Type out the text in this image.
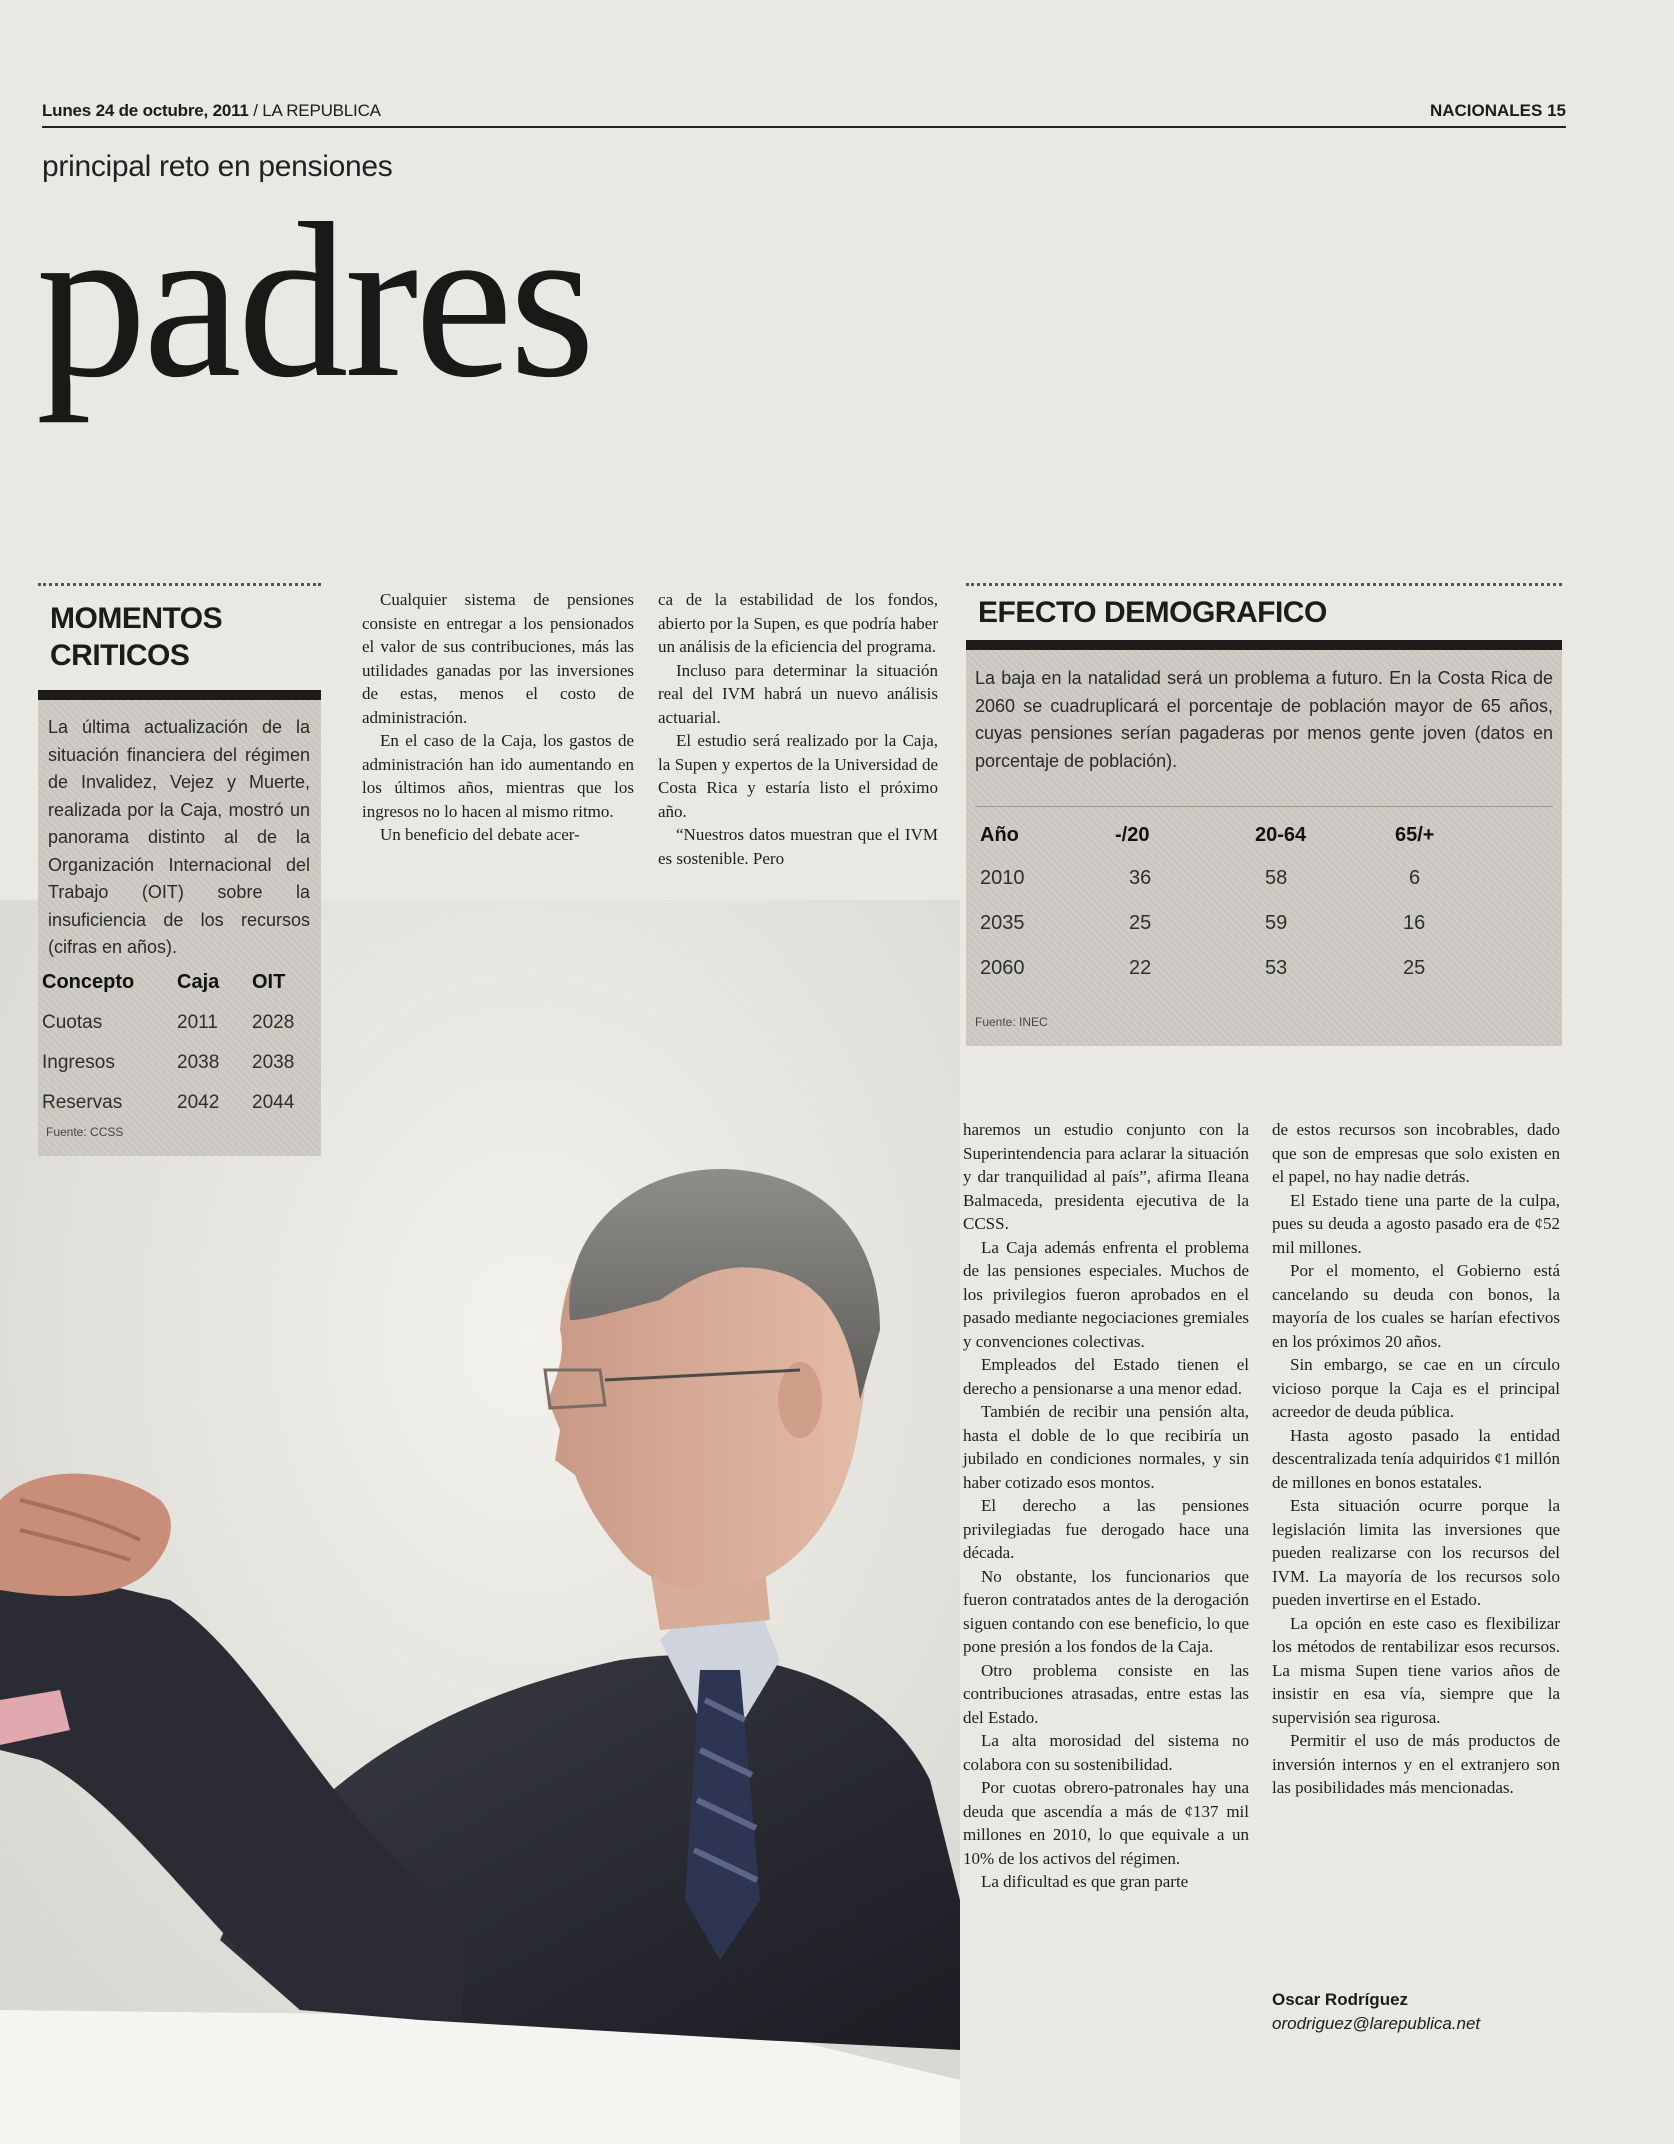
Lunes 24 de octubre, 2011 / LA REPUBLICA	NACIONALES 15
principal reto en pensiones
padres
MOMENTOS
CRITICOS
La última actualización de la situación financiera del régimen de Invalidez, Vejez y Muerte, realizada por la Caja, mostró un panorama distinto al de la Organización Internacional del Trabajo (OIT) sobre la insuficiencia de los recursos (cifras en años).
Concepto	Caja	OIT
Cuotas	2011	2028
Ingresos	2038	2038
Reservas	2042	2044
Fuente: CCSS
EFECTO DEMOGRAFICO
La baja en la natalidad será un problema a futuro. En la Costa Rica de 2060 se cuadruplicará el porcentaje de población mayor de 65 años, cuyas pensiones serían pagaderas por menos gente joven (datos en porcentaje de población).
Año	-/20	20-64	65/+
2010	36	58	6
2035	25	59	16
2060	22	53	25
Fuente: INEC

Cualquier sistema de pensiones consiste en entregar a los pensionados el valor de sus contribuciones, más las utilidades ganadas por las inversiones de estas, menos el costo de administración.

En el caso de la Caja, los gastos de administración han ido aumentando en los últimos años, mientras que los ingresos no lo hacen al mismo ritmo.

Un beneficio del debate acer-

ca de la estabilidad de los fondos, abierto por la Supen, es que podría haber un análisis de la eficiencia del programa.

Incluso para determinar la situación real del IVM habrá un nuevo análisis actuarial.

El estudio será realizado por la Caja, la Supen y expertos de la Universidad de Costa Rica y estaría listo el próximo año.

“Nuestros datos muestran que el IVM es sostenible. Pero

haremos un estudio conjunto con la Superintendencia para aclarar la situación y dar tranquilidad al país”, afirma Ileana Balmaceda, presidenta ejecutiva de la CCSS.

La Caja además enfrenta el problema de las pensiones especiales. Muchos de los privilegios fueron aprobados en el pasado mediante negociaciones gremiales y convenciones colectivas.

Empleados del Estado tienen el derecho a pensionarse a una menor edad.

También de recibir una pensión alta, hasta el doble de lo que recibiría un jubilado en condiciones normales, y sin haber cotizado esos montos.

El derecho a las pensiones privilegiadas fue derogado hace una década.

No obstante, los funcionarios que fueron contratados antes de la derogación siguen contando con ese beneficio, lo que pone presión a los fondos de la Caja.

Otro problema consiste en las contribuciones atrasadas, entre estas las del Estado.

La alta morosidad del sistema no colabora con su sostenibilidad.

Por cuotas obrero-patronales hay una deuda que ascendía a más de ¢137 mil millones en 2010, lo que equivale a un 10% de los activos del régimen.

La dificultad es que gran parte

de estos recursos son incobrables, dado que son de empresas que solo existen en el papel, no hay nadie detrás.

El Estado tiene una parte de la culpa, pues su deuda a agosto pasado era de ¢52 mil millones.

Por el momento, el Gobierno está cancelando su deuda con bonos, la mayoría de los cuales se harían efectivos en los próximos 20 años.

Sin embargo, se cae en un círculo vicioso porque la Caja es el principal acreedor de deuda pública.

Hasta agosto pasado la entidad descentralizada tenía adquiridos ¢1 millón de millones en bonos estatales.

Esta situación ocurre porque la legislación limita las inversiones que pueden realizarse con los recursos del IVM. La mayoría de los recursos solo pueden invertirse en el Estado.

La opción en este caso es flexibilizar los métodos de rentabilizar esos recursos. La misma Supen tiene varios años de insistir en esa vía, siempre que la supervisión sea rigurosa.

Permitir el uso de más productos de inversión internos y en el extranjero son las posibilidades más mencionadas.

Oscar Rodríguez
orodriguez@larepublica.net
